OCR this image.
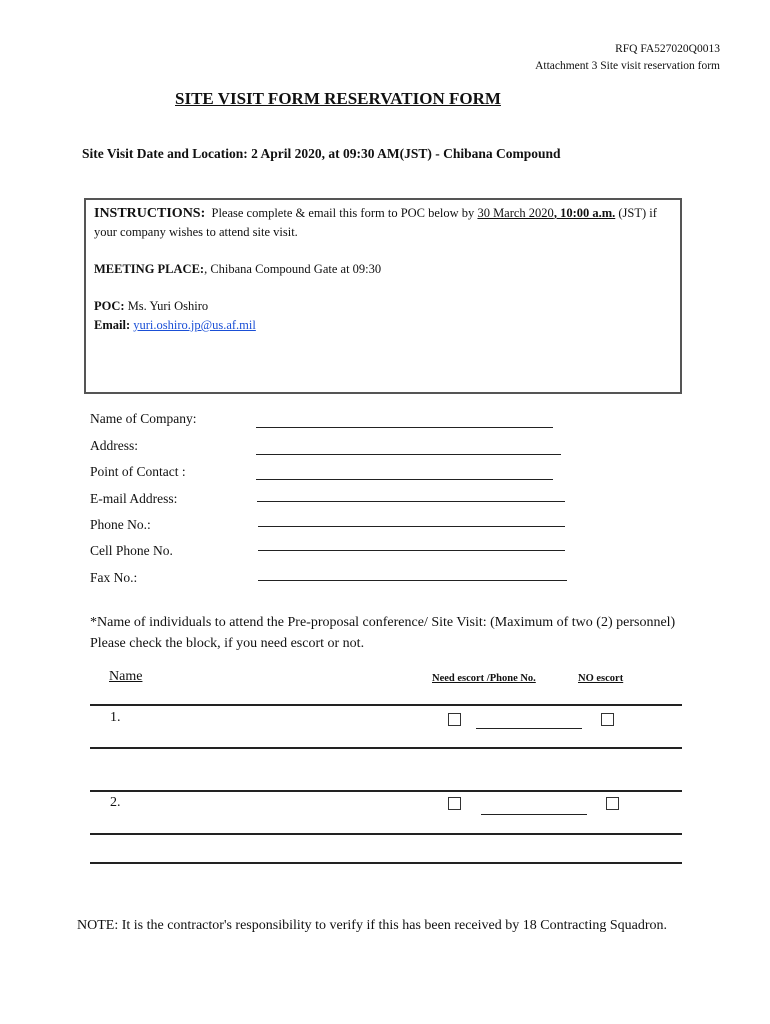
RFQ FA527020Q0013
Attachment 3 Site visit reservation form
SITE VISIT FORM RESERVATION FORM
Site Visit Date and Location: 2 April 2020, at 09:30 AM(JST) - Chibana Compound
INSTRUCTIONS: Please complete & email this form to POC below by 30 March 2020, 10:00 a.m. (JST) if your company wishes to attend site visit.
MEETING PLACE:, Chibana Compound Gate at 09:30
POC: Ms. Yuri Oshiro
Email: yuri.oshiro.jp@us.af.mil
Name of Company:
Address:
Point of Contact :
E-mail Address:
Phone No.:
Cell Phone No.
Fax No.:
*Name of individuals to attend the Pre-proposal conference/ Site Visit: (Maximum of two (2) personnel) Please check the block, if you need escort or not.
Name	Need escort /Phone No.	NO escort
1.
2.
NOTE: It is the contractor's responsibility to verify if this has been received by 18 Contracting Squadron.
